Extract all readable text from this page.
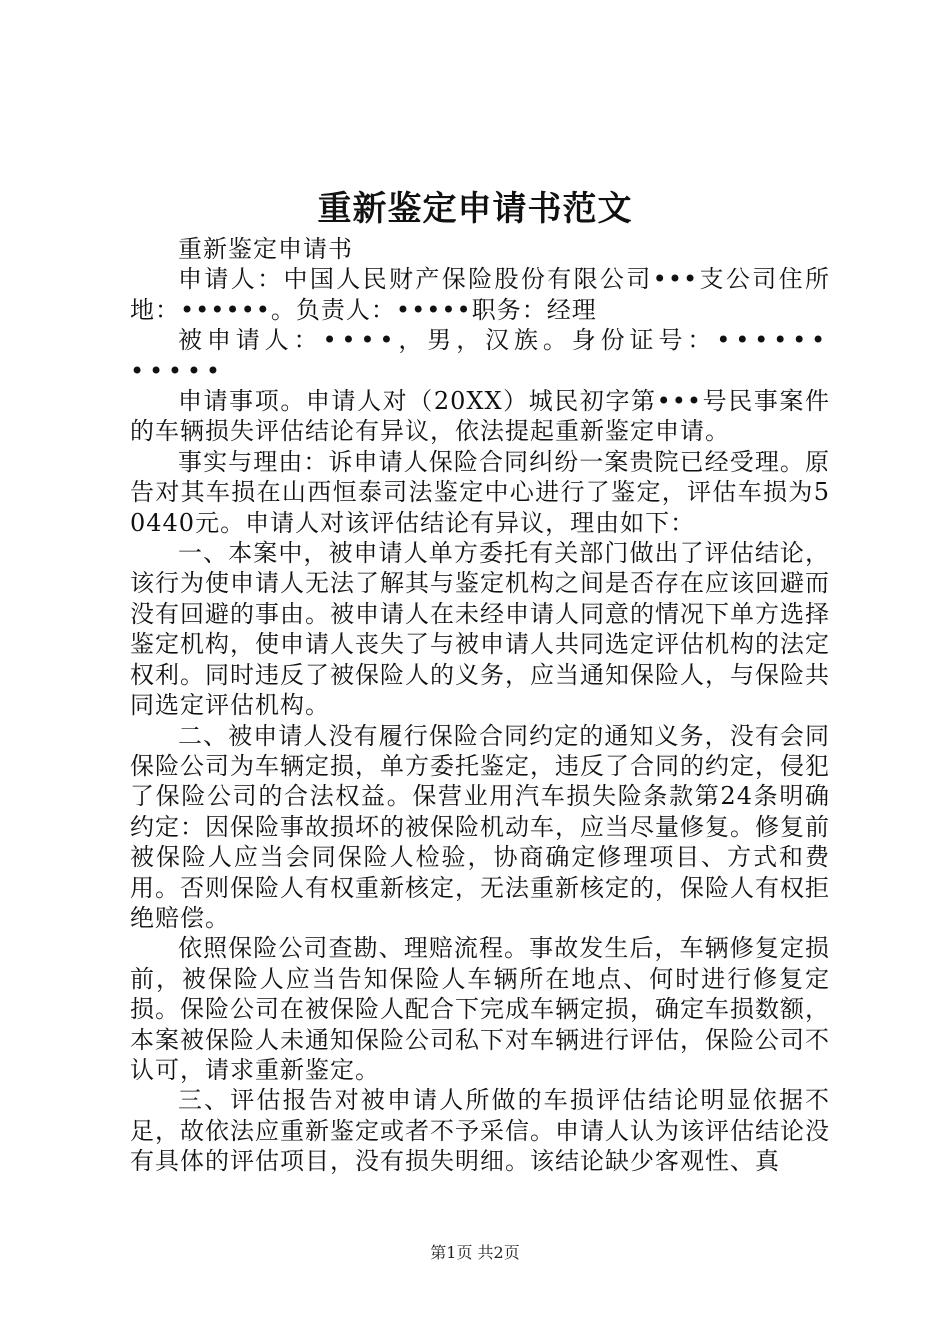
重新鉴定申请书范文

重新鉴定申请书

申请人：中国人民财产保险股份有限公司•••支公司住所地：••••••。负责人：•••••职务：经理

被申请人：••••，男，汉族。身份证号：•••••••••••

申请事项。申请人对（20XX）城民初字第•••号民事案件的车辆损失评估结论有异议，依法提起重新鉴定申请。

事实与理由：诉申请人保险合同纠纷一案贵院已经受理。原告对其车损在山西恒泰司法鉴定中心进行了鉴定，评估车损为50440元。申请人对该评估结论有异议，理由如下：

一、本案中，被申请人单方委托有关部门做出了评估结论，该行为使申请人无法了解其与鉴定机构之间是否存在应该回避而没有回避的事由。被申请人在未经申请人同意的情况下单方选择鉴定机构，使申请人丧失了与被申请人共同选定评估机构的法定权利。同时违反了被保险人的义务，应当通知保险人，与保险共同选定评估机构。

二、被申请人没有履行保险合同约定的通知义务，没有会同保险公司为车辆定损，单方委托鉴定，违反了合同的约定，侵犯了保险公司的合法权益。保营业用汽车损失险条款第24条明确约定：因保险事故损坏的被保险机动车，应当尽量修复。修复前被保险人应当会同保险人检验，协商确定修理项目、方式和费用。否则保险人有权重新核定，无法重新核定的，保险人有权拒绝赔偿。

依照保险公司查勘、理赔流程。事故发生后，车辆修复定损前，被保险人应当告知保险人车辆所在地点、何时进行修复定损。保险公司在被保险人配合下完成车辆定损，确定车损数额，本案被保险人未通知保险公司私下对车辆进行评估，保险公司不认可，请求重新鉴定。

三、评估报告对被申请人所做的车损评估结论明显依据不足，故依法应重新鉴定或者不予采信。申请人认为该评估结论没有具体的评估项目，没有损失明细。该结论缺少客观性、真

第1页 共2页
